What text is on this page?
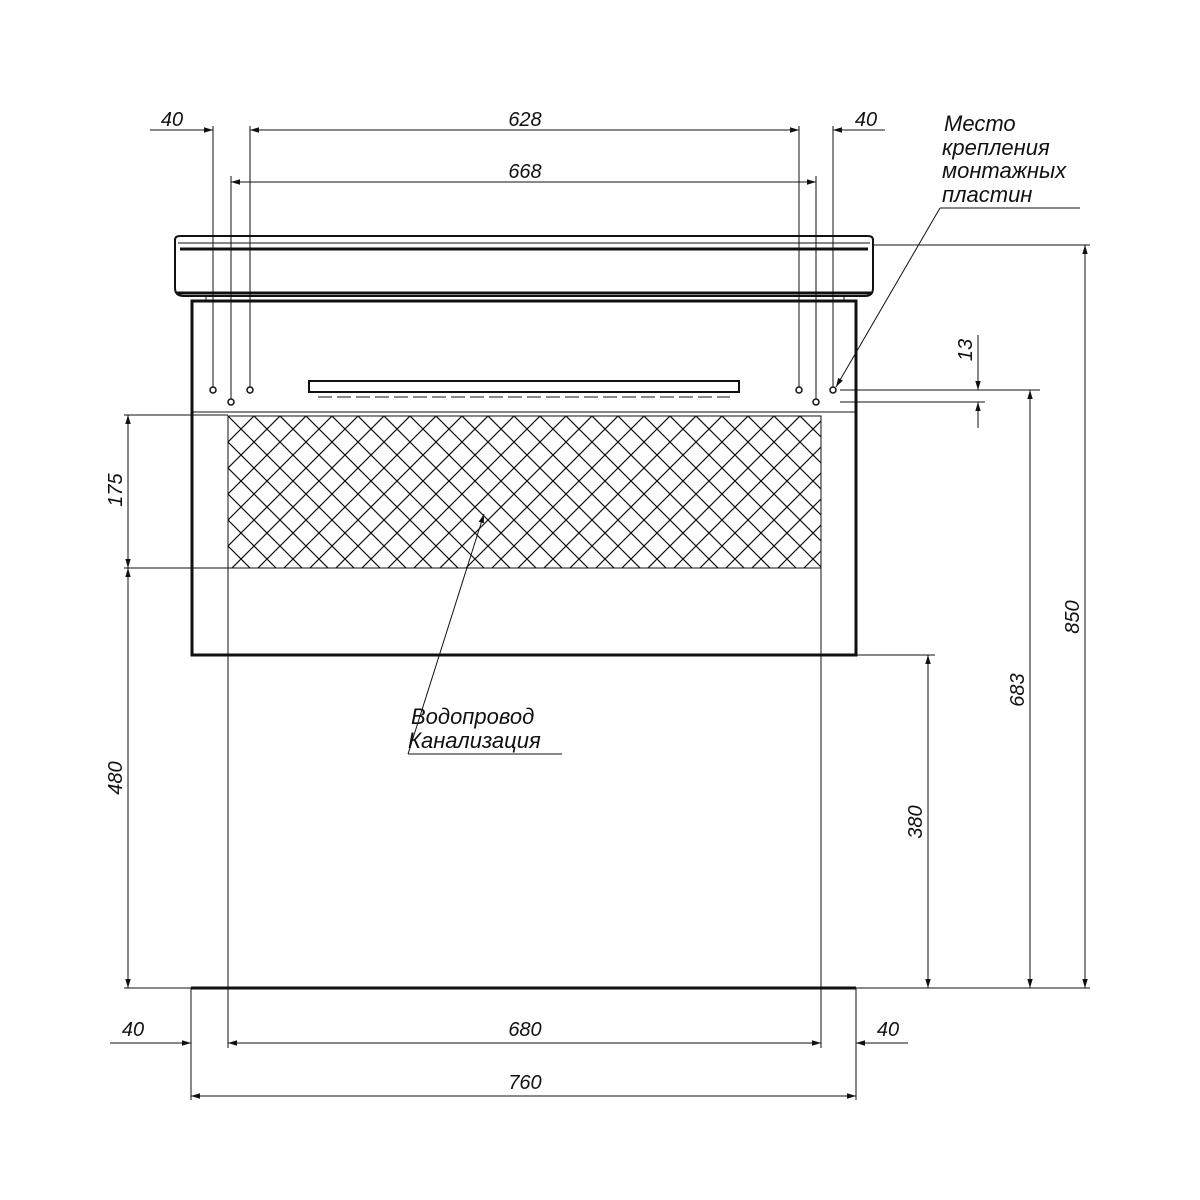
40	628	40
668
13
175
480
850
683
380
40	680	40
760
Место
крепления
монтажных
пластин
Водопровод
Канализация
